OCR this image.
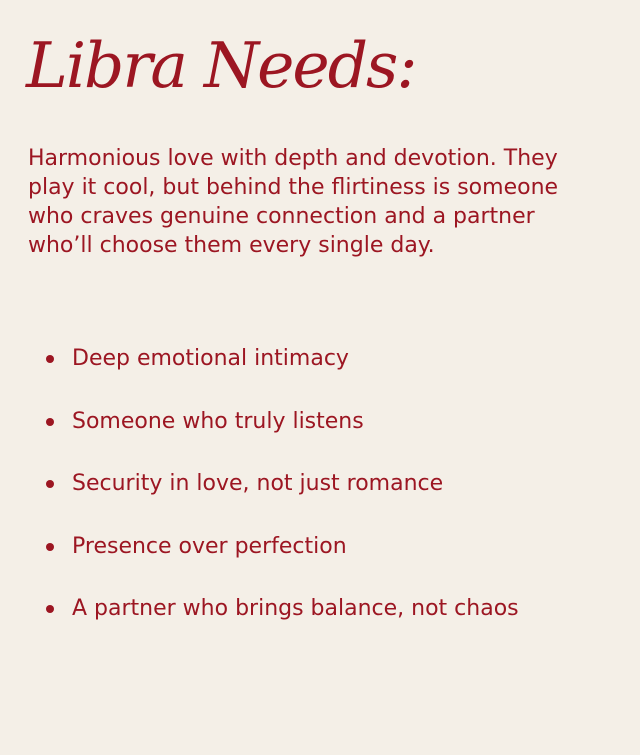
Libra Needs:

Harmonious love with depth and devotion. They play it cool, but behind the flirtiness is someone who craves genuine connection and a partner who’ll choose them every single day.

Deep emotional intimacy
Someone who truly listens
Security in love, not just romance
Presence over perfection
A partner who brings balance, not chaos
